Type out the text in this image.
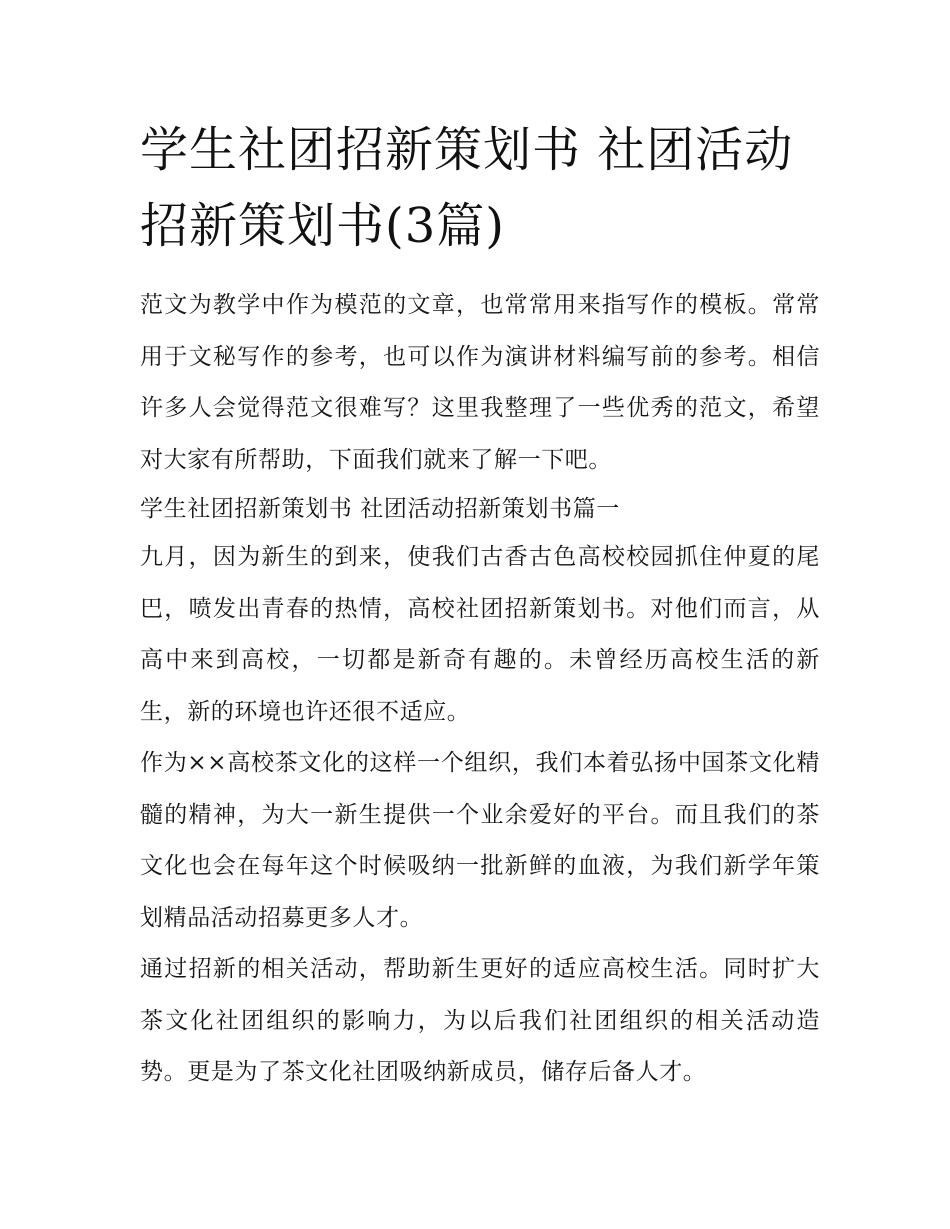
学生社团招新策划书 社团活动招新策划书(3篇)

范文为教学中作为模范的文章，也常常用来指写作的模板。常常用于文秘写作的参考，也可以作为演讲材料编写前的参考。相信许多人会觉得范文很难写？这里我整理了一些优秀的范文，希望对大家有所帮助，下面我们就来了解一下吧。

学生社团招新策划书 社团活动招新策划书篇一

九月，因为新生的到来，使我们古香古色高校校园抓住仲夏的尾巴，喷发出青春的热情，高校社团招新策划书。对他们而言，从高中来到高校，一切都是新奇有趣的。未曾经历高校生活的新生，新的环境也许还很不适应。

作为××高校茶文化的这样一个组织，我们本着弘扬中国茶文化精髓的精神，为大一新生提供一个业余爱好的平台。而且我们的茶文化也会在每年这个时候吸纳一批新鲜的血液，为我们新学年策划精品活动招募更多人才。

通过招新的相关活动，帮助新生更好的适应高校生活。同时扩大茶文化社团组织的影响力，为以后我们社团组织的相关活动造势。更是为了茶文化社团吸纳新成员，储存后备人才。
